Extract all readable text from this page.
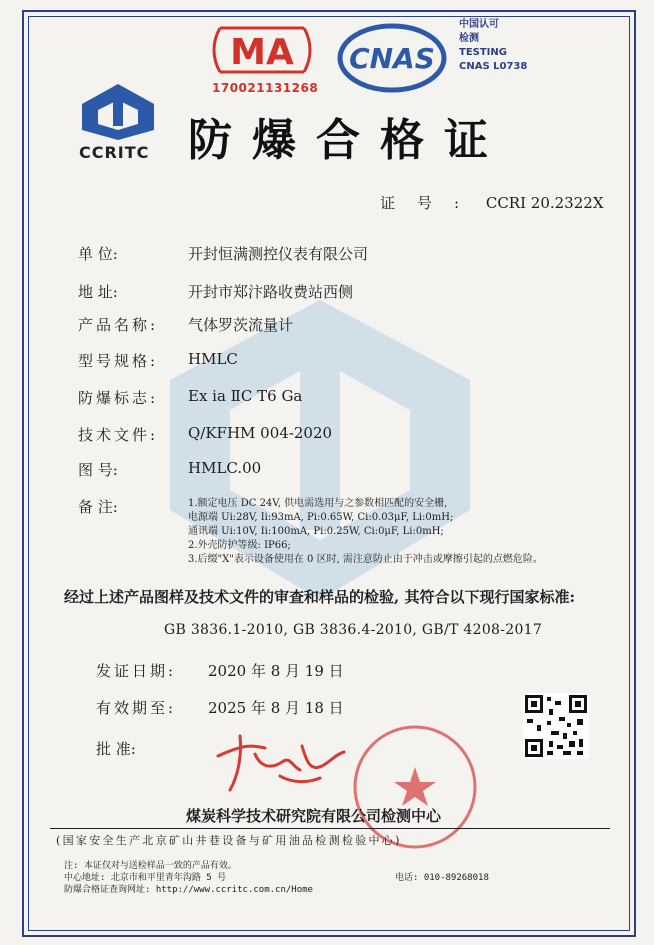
MA
170021131268
CNAS
中国认可
检测
TESTING
CNAS L0738
CCRITC 防爆合格证
证号: CCRI 20.2322X
单 位:	开封恒满测控仪表有限公司
地 址:	开封市郑汴路收费站西侧
产品名称:	气体罗茨流量计
型号规格:	HMLC
防爆标志:	Ex ia ⅡC T6 Ga
技术文件:	Q/KFHM 004-2020
图 号:	HMLC.00
备 注:	1.额定电压 DC 24V, 供电需选用与之参数相匹配的安全栅,
电源端 Ui:28V, Ii:93mA, Pi:0.65W, Ci:0.03μF, Li:0mH;
通讯端 Ui:10V, Ii:100mA, Pi:0.25W, Ci:0μF, Li:0mH;
2.外壳防护等级: IP66;
3.后缀"X"表示设备使用在 0 区时, 需注意防止由于冲击或摩擦引起的点燃危险。
经过上述产品图样及技术文件的审查和样品的检验, 其符合以下现行国家标准:
GB 3836.1-2010, GB 3836.4-2010, GB/T 4208-2017
发证日期: 2020 年 8 月 19 日
有效期至: 2025 年 8 月 18 日
批 准:
煤炭科学技术研究院有限公司检测中心
(国家安全生产北京矿山井巷设备与矿用油品检测检验中心)
注: 本证仅对与送检样品一致的产品有效。
中心地址: 北京市和平里青年沟路 5 号
防爆合格证查询网址: http://www.ccritc.com.cn/Home
电话: 010-89268018
